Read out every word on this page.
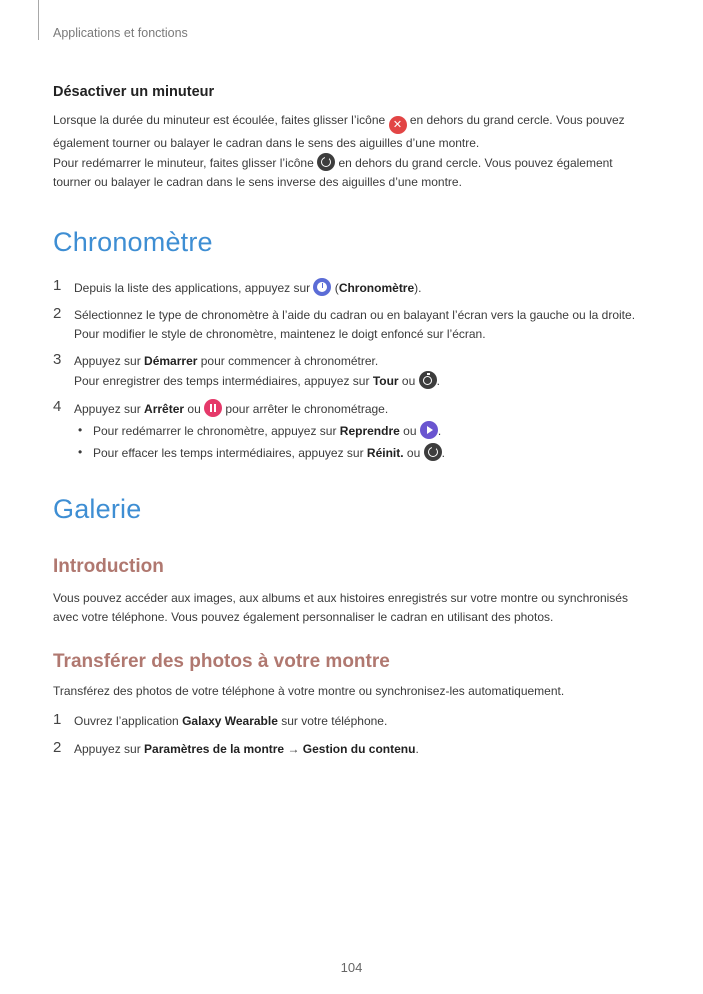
Applications et fonctions
Désactiver un minuteur

Lorsque la durée du minuteur est écoulée, faites glisser l’icône ✕ en dehors du grand cercle. Vous pouvez également tourner ou balayer le cadran dans le sens des aiguilles d’une montre.

Pour redémarrer le minuteur, faites glisser l’icône
en dehors du grand cercle. Vous pouvez également tourner ou balayer le cadran dans le sens inverse des aiguilles d’une montre.

Chronomètre
1 Depuis la liste des applications, appuyez sur
(Chronomètre).

2 Sélectionnez le type de chronomètre à l’aide du cadran ou en balayant l’écran vers la gauche ou la droite.

Pour modifier le style de chronomètre, maintenez le doigt enfoncé sur l’écran.

3 Appuyez sur Démarrer pour commencer à chronométrer.

Pour enregistrer des temps intermédiaires, appuyez sur Tour ou
.

4 Appuyez sur Arrêter ou
pour arrêter le chronométrage.

• Pour redémarrer le chronomètre, appuyez sur Reprendre ou
.

• Pour effacer les temps intermédiaires, appuyez sur Réinit. ou
.

Galerie
Introduction

Vous pouvez accéder aux images, aux albums et aux histoires enregistrés sur votre montre ou synchronisés avec votre téléphone. Vous pouvez également personnaliser le cadran en utilisant des photos.

Transférer des photos à votre montre

Transférez des photos de votre téléphone à votre montre ou synchronisez-les automatiquement.

1 Ouvrez l’application Galaxy Wearable sur votre téléphone.

2 Appuyez sur Paramètres de la montre → Gestion du contenu.

104
